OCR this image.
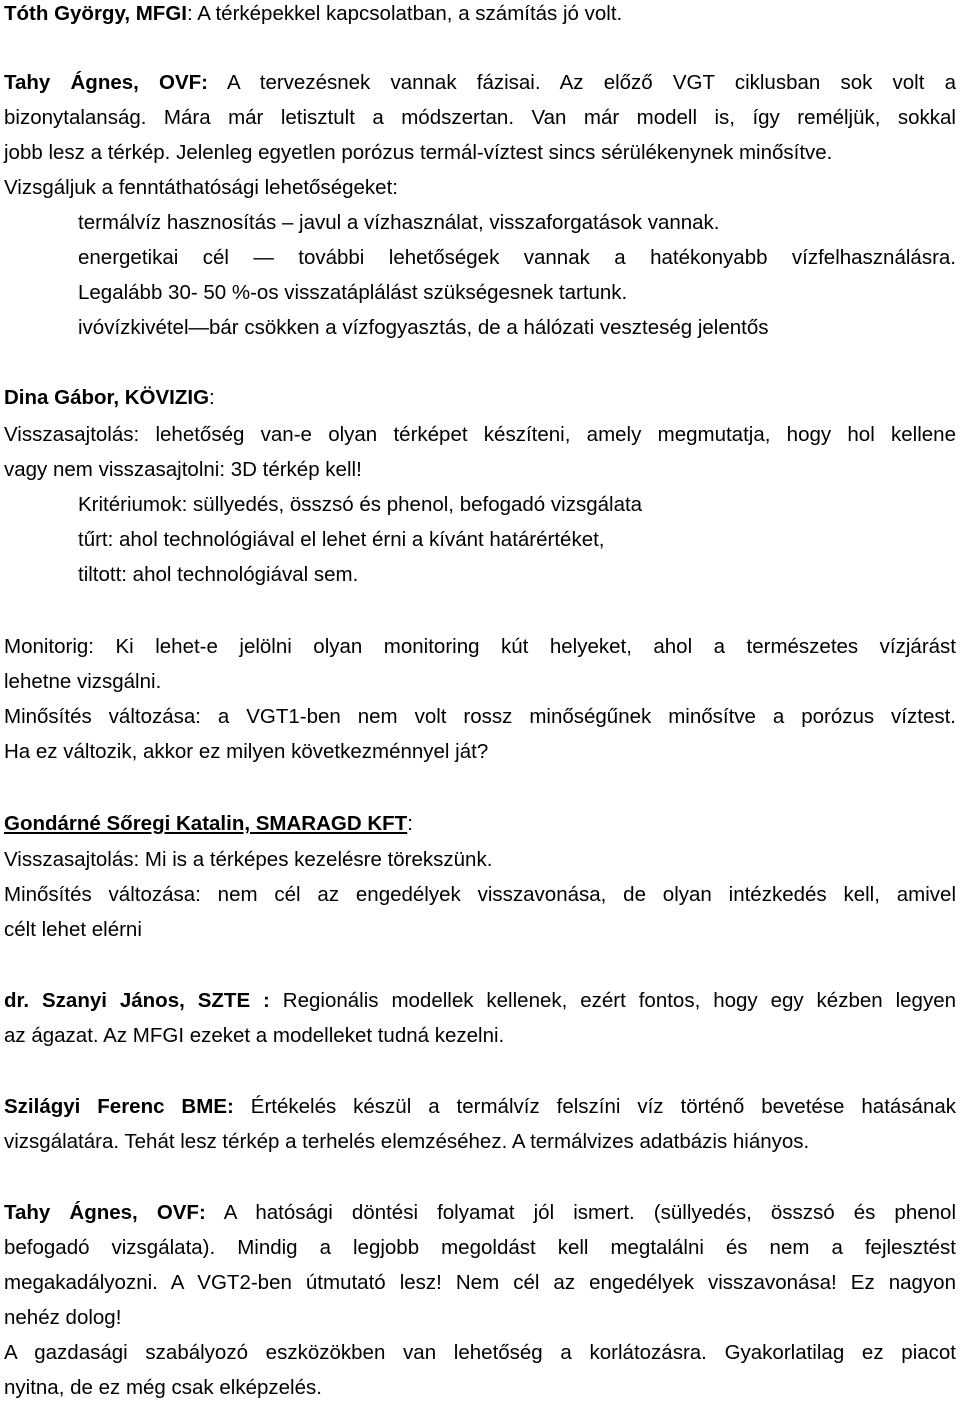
Tóth György, MFGI: A térképekkel kapcsolatban, a számítás jó volt.

Tahy Ágnes, OVF: A tervezésnek vannak fázisai. Az előző VGT ciklusban sok volt a

bizonytalanság. Mára már letisztult a módszertan. Van már modell is, így reméljük, sokkal

jobb lesz a térkép. Jelenleg egyetlen porózus termál-víztest sincs sérülékenynek minősítve.

Vizsgáljuk a fenntáthatósági lehetőségeket:

termálvíz hasznosítás – javul a vízhasználat, visszaforgatások vannak.

energetikai cél — további lehetőségek vannak a hatékonyabb vízfelhasználásra.

Legalább 30- 50 %-os visszatáplálást szükségesnek tartunk.

ivóvízkivétel—bár csökken a vízfogyasztás, de a hálózati veszteség jelentős

Dina Gábor, KÖVIZIG:

Visszasajtolás: lehetőség van-e olyan térképet készíteni, amely megmutatja, hogy hol kellene

vagy nem visszasajtolni: 3D térkép kell!

Kritériumok: süllyedés, összsó és phenol, befogadó vizsgálata

tűrt: ahol technológiával el lehet érni a kívánt határértéket,

tiltott: ahol technológiával sem.

Monitorig: Ki lehet-e jelölni olyan monitoring kút helyeket, ahol a természetes vízjárást

lehetne vizsgálni.

Minősítés változása: a VGT1-ben nem volt rossz minőségűnek minősítve a porózus víztest.

Ha ez változik, akkor ez milyen következménnyel ját?

Gondárné Sőregi Katalin, SMARAGD KFT:

Visszasajtolás: Mi is a térképes kezelésre törekszünk.

Minősítés változása: nem cél az engedélyek visszavonása, de olyan intézkedés kell, amivel

célt lehet elérni

dr. Szanyi János, SZTE : Regionális modellek kellenek, ezért fontos, hogy egy kézben legyen

az ágazat. Az MFGI ezeket a modelleket tudná kezelni.

Szilágyi Ferenc BME: Értékelés készül a termálvíz felszíni víz történő bevetése hatásának

vizsgálatára. Tehát lesz térkép a terhelés elemzéséhez. A termálvizes adatbázis hiányos.

Tahy Ágnes, OVF: A hatósági döntési folyamat jól ismert. (süllyedés, összsó és phenol

befogadó vizsgálata). Mindig a legjobb megoldást kell megtalálni és nem a fejlesztést

megakadályozni. A VGT2-ben útmutató lesz! Nem cél az engedélyek visszavonása! Ez nagyon

nehéz dolog!

A gazdasági szabályozó eszközökben van lehetőség a korlátozásra. Gyakorlatilag ez piacot

nyitna, de ez még csak elképzelés.
